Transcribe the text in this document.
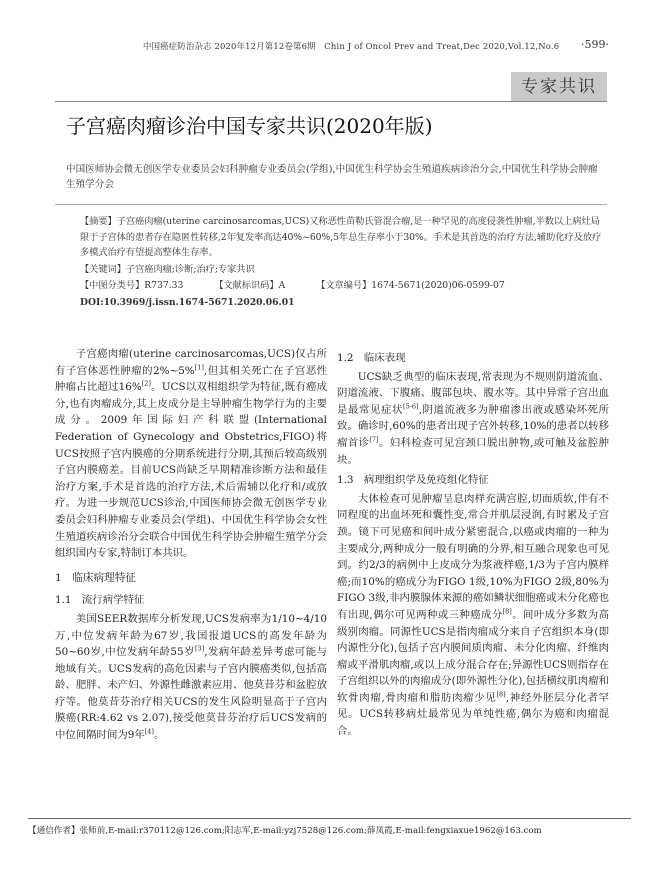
中国癌症防治杂志 2020年12月第12卷第6期　Chin J of Oncol Prev and Treat,Dec 2020,Vol.12,No.6 ·599·
专家共识
子宫癌肉瘤诊治中国专家共识(2020年版)
中国医师协会微无创医学专业委员会妇科肿瘤专业委员会(学组),中国优生科学协会生殖道疾病诊治分会,中国优生科学协会肿瘤生殖学分会
【摘要】子宫癌肉瘤(uterine carcinosarcomas,UCS)又称恶性苗勒氏管混合瘤,是一种罕见的高度侵袭性肿瘤,半数以上病灶局限于子宫体的患者存在隐匿性转移,2年复发率高达40%~60%,5年总生存率小于30%。手术是其首选的治疗方法,辅助化疗及放疗多模式治疗有望提高整体生存率。
【关键词】子宫癌肉瘤;诊断;治疗;专家共识
【中图分类号】R737.33	【文献标识码】A	【文章编号】1674-5671(2020)06-0599-07
DOI:10.3969/j.issn.1674-5671.2020.06.01

子宫癌肉瘤(uterine carcinosarcomas,UCS)仅占所有子宫体恶性肿瘤的2%~5%[1],但其相关死亡在子宫恶性肿瘤占比超过16%[2]。UCS以双相组织学为特征,既有癌成分,也有肉瘤成分,其上皮成分是主导肿瘤生物学行为的主要成分。2009年国际妇产科联盟(International Federation of Gynecology and Obstetrics,FIGO)将UCS按照子宫内膜癌的分期系统进行分期,其预后较高级别子宫内膜癌差。目前UCS尚缺乏早期精准诊断方法和最佳治疗方案,手术是首选的治疗方法,术后需辅以化疗和/或放疗。为进一步规范UCS诊治,中国医师协会微无创医学专业委员会妇科肿瘤专业委员会(学组)、中国优生科学协会女性生殖道疾病诊治分会联合中国优生科学协会肿瘤生殖学分会组织国内专家,特制订本共识。

1　临床病理特征
1.1　流行病学特征

美国SEER数据库分析发现,UCS发病率为1/10~4/10万,中位发病年龄为67岁,我国报道UCS的高发年龄为50~60岁,中位发病年龄55岁[3],发病年龄差异考虑可能与地域有关。UCS发病的高危因素与子宫内膜癌类似,包括高龄、肥胖、未产妇、外源性雌激素应用、他莫昔芬和盆腔放疗等。他莫昔芬治疗相关UCS的发生风险明显高于子宫内膜癌(RR:4.62 vs 2.07),接受他莫昔芬治疗后UCS发病的中位间隔时间为9年[4]。

1.2　临床表现

UCS缺乏典型的临床表现,常表现为不规则阴道流血、阴道流液、下腹痛、腹部包块、腹水等。其中异常子宫出血是最常见症状[5-6],阴道流液多为肿瘤渗出液或感染坏死所致。确诊时,60%的患者出现子宫外转移,10%的患者以转移瘤首诊[7]。妇科检查可见宫颈口脱出肿物,或可触及盆腔肿块。

1.3　病理组织学及免疫组化特征

大体检查可见肿瘤呈息肉样充满宫腔,切面质软,伴有不同程度的出血坏死和囊性变,常合并肌层浸润,有时累及子宫颈。镜下可见癌和间叶成分紧密混合,以癌或肉瘤的一种为主要成分,两种成分一般有明确的分界,相互融合现象也可见到。约2/3的病例中上皮成分为浆液样癌,1/3为子宫内膜样癌;而10%的癌成分为FIGO 1级,10%为FIGO 2级,80%为FIGO 3级,非内膜腺体来源的癌如鳞状细胞癌或未分化癌也有出现,偶尔可见两种或三种癌成分[8]。间叶成分多数为高级别肉瘤。同源性UCS是指肉瘤成分来自子宫组织本身(即内源性分化),包括子宫内膜间质肉瘤、未分化肉瘤、纤维肉瘤或平滑肌肉瘤,或以上成分混合存在;异源性UCS则指存在子宫组织以外的肉瘤成分(即外源性分化),包括横纹肌肉瘤和软骨肉瘤,骨肉瘤和脂肪肉瘤少见[8],神经外胚层分化者罕见。UCS转移病灶最常见为单纯性癌,偶尔为癌和肉瘤混合。

【通信作者】张师前,E-mail:r370112@126.com;阳志军,E-mail:yzj7528@126.com;薛凤霞,E-mail:fengxiaxue1962@163.com
